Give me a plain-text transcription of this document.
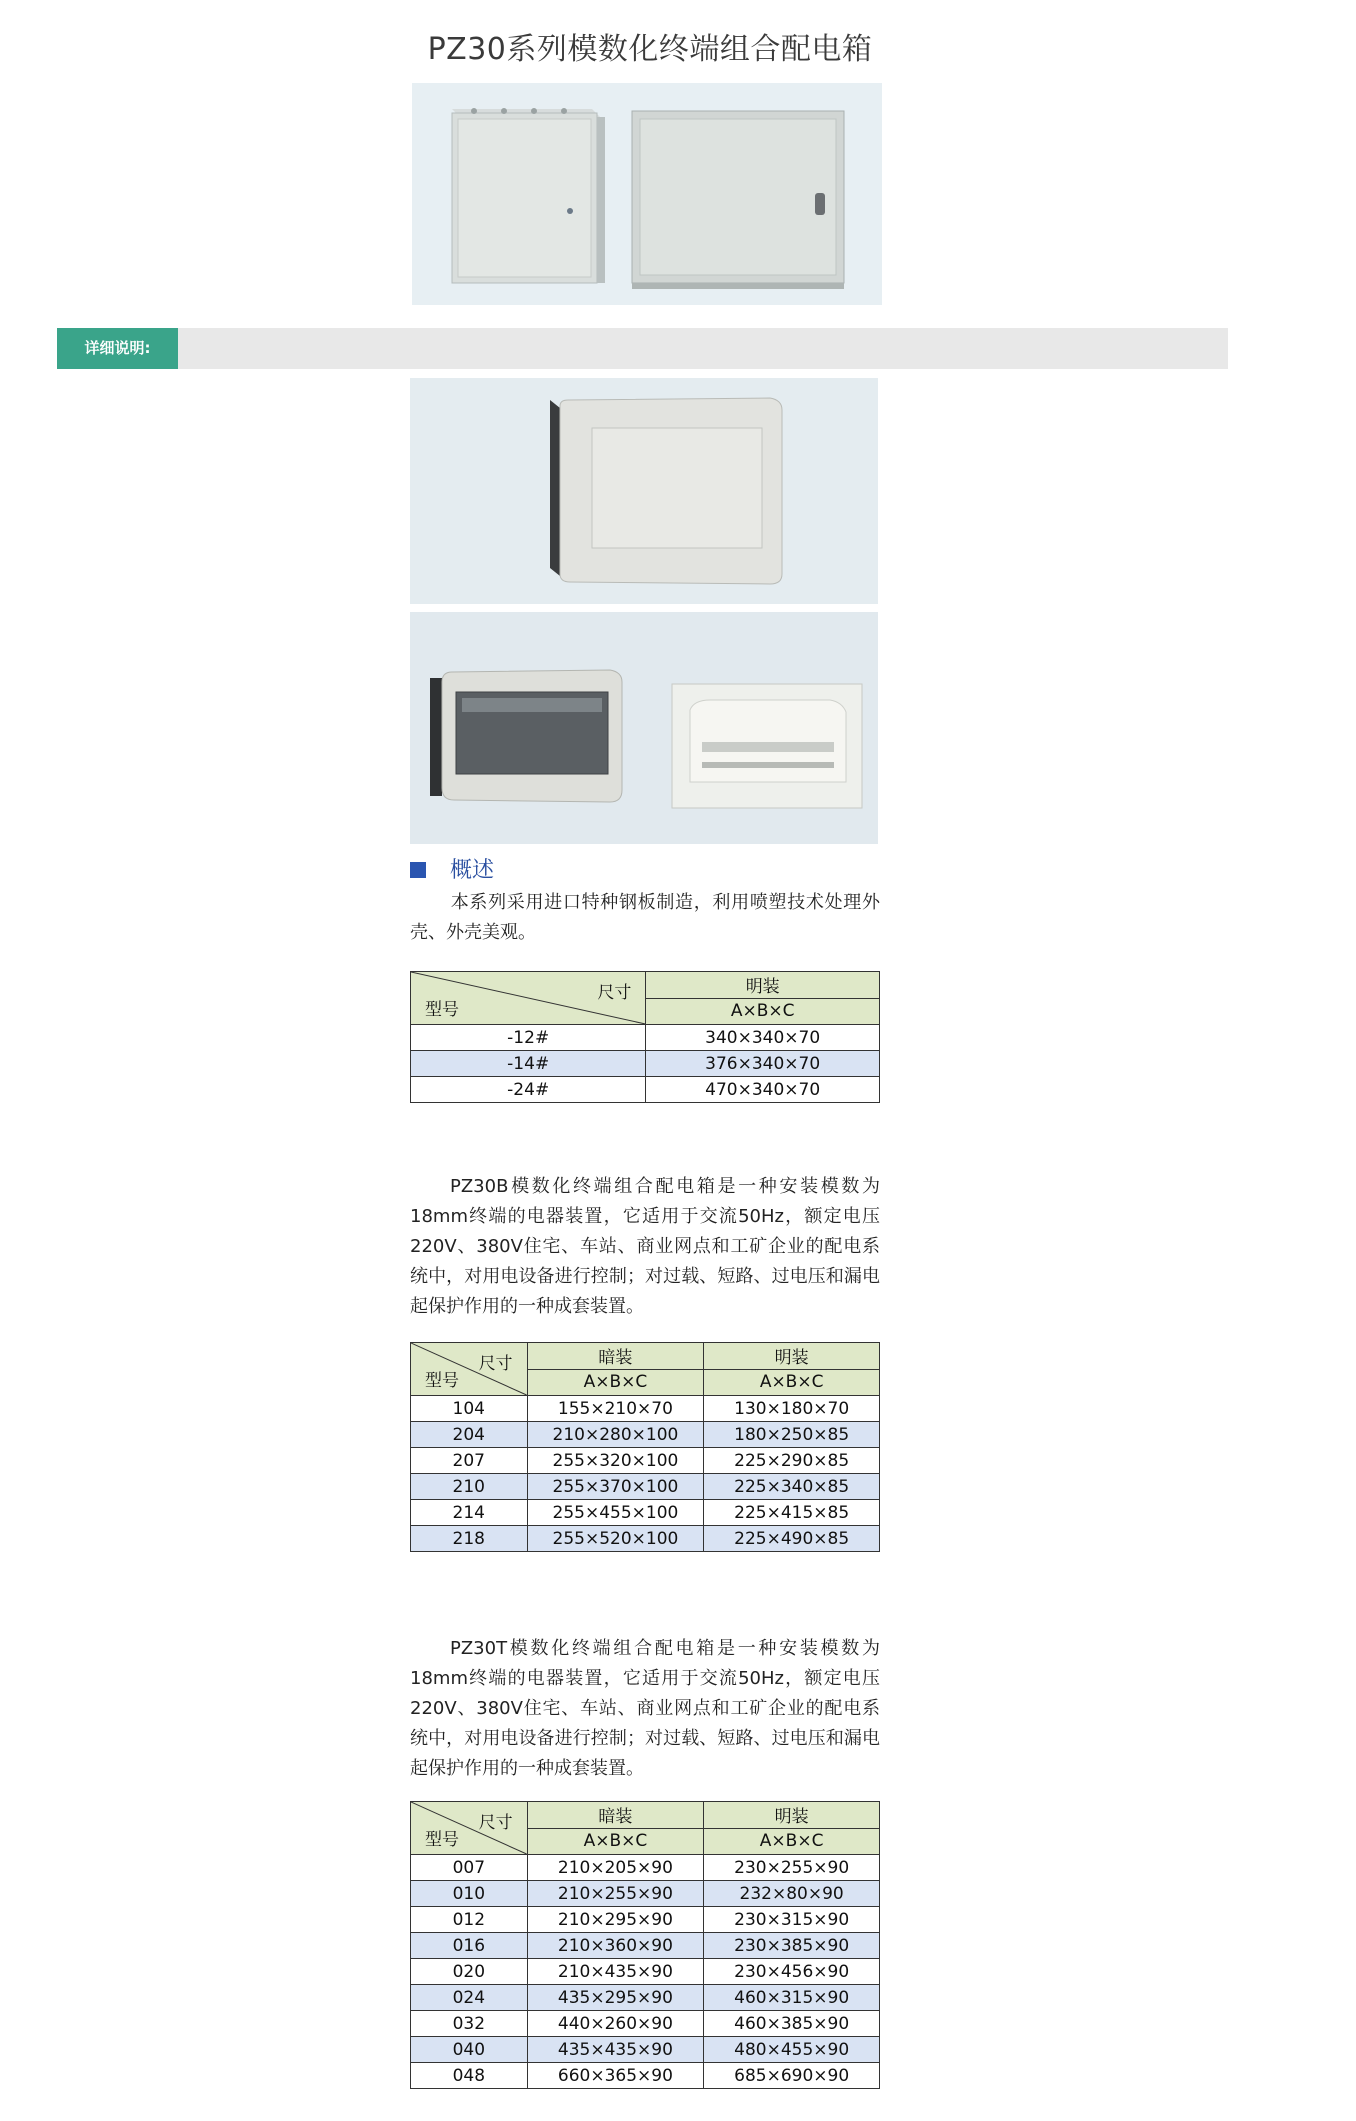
PZ30系列模数化终端组合配电箱
详细说明:
概述
本系列采用进口特种钢板制造，利用喷塑技术处理外壳、外壳美观。
尺寸
型号	明装
	A×B×C
-12#	340×340×70
-14#	376×340×70
-24#	470×340×70
PZ30B模数化终端组合配电箱是一种安装模数为18mm终端的电器装置，它适用于交流50Hz，额定电压220V、380V住宅、车站、商业网点和工矿企业的配电系统中，对用电设备进行控制；对过载、短路、过电压和漏电起保护作用的一种成套装置。
尺寸
型号	暗装	明装
	A×B×C	A×B×C
104	155×210×70	130×180×70
204	210×280×100	180×250×85
207	255×320×100	225×290×85
210	255×370×100	225×340×85
214	255×455×100	225×415×85
218	255×520×100	225×490×85
PZ30T模数化终端组合配电箱是一种安装模数为18mm终端的电器装置，它适用于交流50Hz，额定电压220V、380V住宅、车站、商业网点和工矿企业的配电系统中，对用电设备进行控制；对过载、短路、过电压和漏电起保护作用的一种成套装置。
尺寸
型号	暗装	明装
	A×B×C	A×B×C
007	210×205×90	230×255×90
010	210×255×90	232×80×90
012	210×295×90	230×315×90
016	210×360×90	230×385×90
020	210×435×90	230×456×90
024	435×295×90	460×315×90
032	440×260×90	460×385×90
040	435×435×90	480×455×90
048	660×365×90	685×690×90
